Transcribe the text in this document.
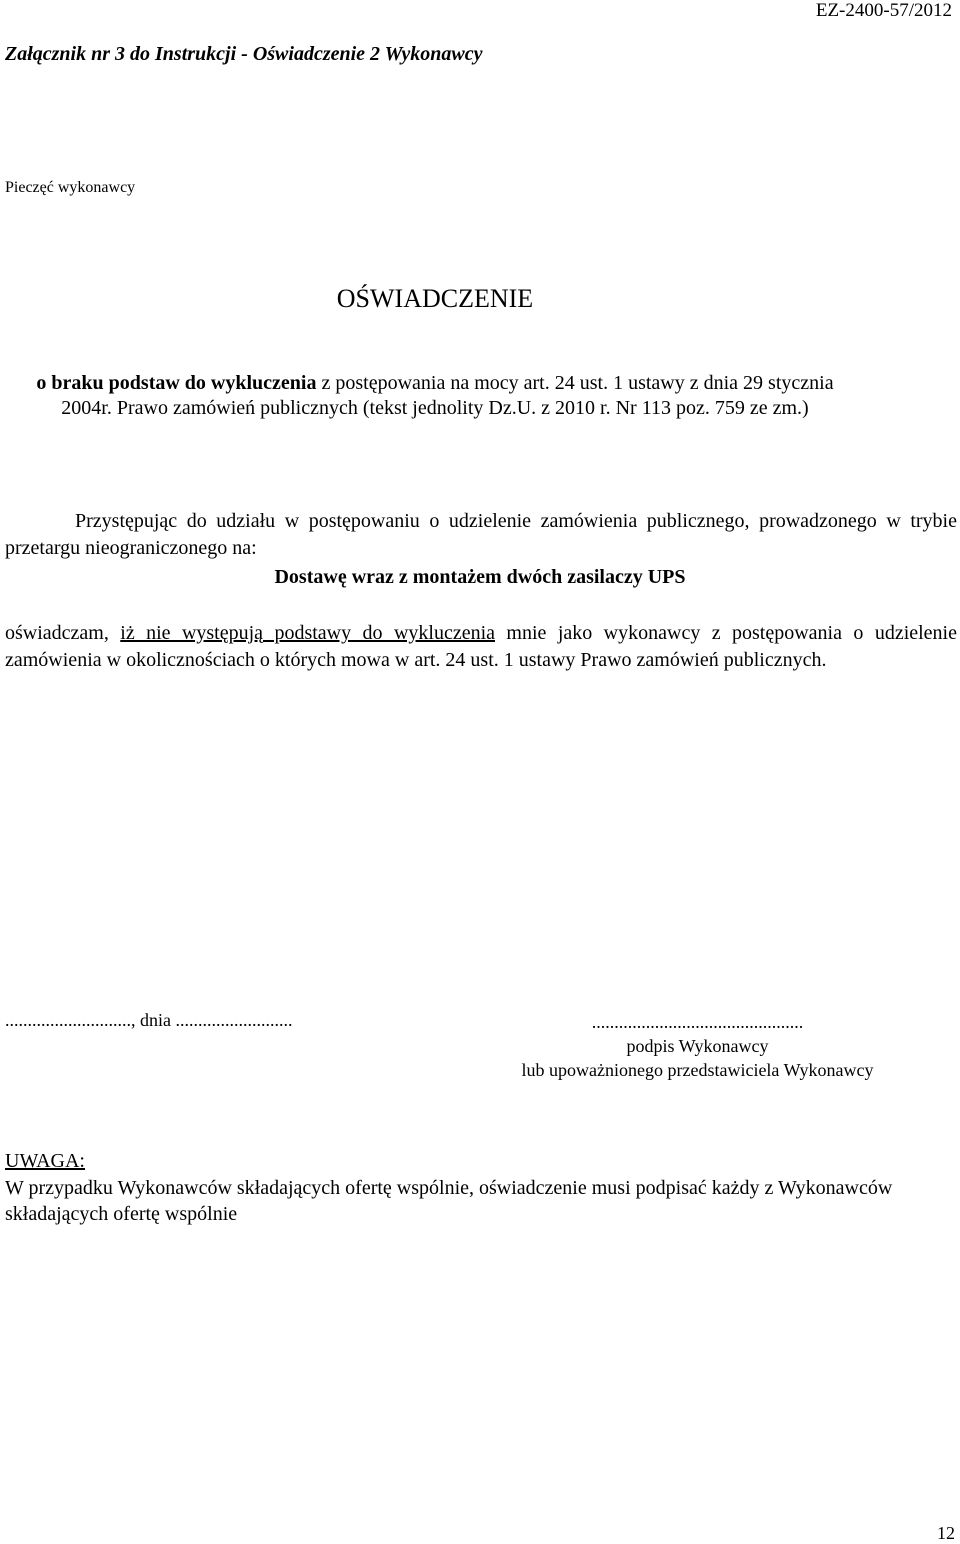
EZ-2400-57/2012
Załącznik nr 3 do Instrukcji - Oświadczenie 2 Wykonawcy
Pieczęć wykonawcy
OŚWIADCZENIE
o braku podstaw do wykluczenia z postępowania na mocy art. 24 ust. 1 ustawy z dnia 29 stycznia 2004r. Prawo zamówień publicznych (tekst jednolity Dz.U. z 2010 r. Nr 113 poz. 759 ze zm.)
Przystępując do udziału w postępowaniu o udzielenie zamówienia publicznego, prowadzonego w trybie przetargu nieograniczonego na:
Dostawę wraz z montażem dwóch zasilaczy UPS
oświadczam, iż nie występują podstawy do wykluczenia mnie jako wykonawcy z postępowania o udzielenie zamówienia w okolicznościach o których mowa w art. 24 ust. 1 ustawy Prawo zamówień publicznych.
............................, dnia ..........................	...............................................
podpis Wykonawcy
lub upoważnionego przedstawiciela Wykonawcy
UWAGA:
W przypadku Wykonawców składających ofertę wspólnie, oświadczenie musi podpisać każdy z Wykonawców składających ofertę wspólnie
12
